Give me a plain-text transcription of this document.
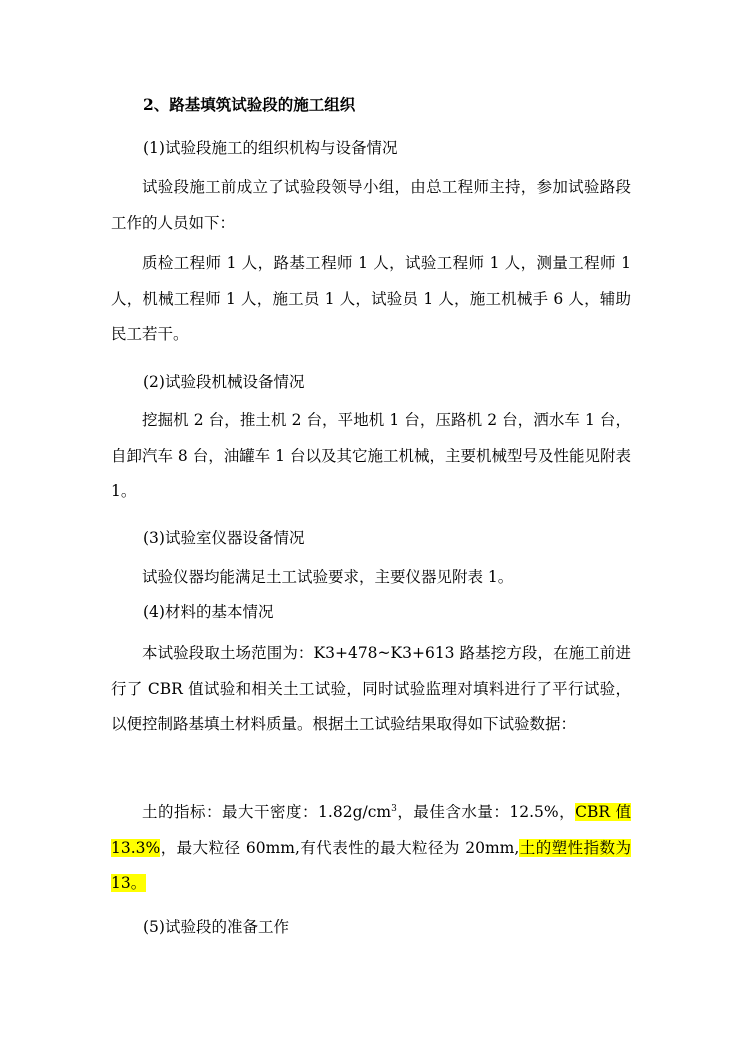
2、路基填筑试验段的施工组织
(1)试验段施工的组织机构与设备情况
试验段施工前成立了试验段领导小组，由总工程师主持，参加试验路段工作的人员如下：
质检工程师 1 人，路基工程师 1 人，试验工程师 1 人，测量工程师 1 人，机械工程师 1 人，施工员 1 人，试验员 1 人，施工机械手 6 人，辅助民工若干。
(2)试验段机械设备情况
挖掘机 2 台，推土机 2 台，平地机 1 台，压路机 2 台，洒水车 1 台，自卸汽车 8 台，油罐车 1 台以及其它施工机械，主要机械型号及性能见附表 1。
(3)试验室仪器设备情况
试验仪器均能满足土工试验要求，主要仪器见附表 1。
(4)材料的基本情况
本试验段取土场范围为：K3+478~K3+613 路基挖方段，在施工前进行了 CBR 值试验和相关土工试验，同时试验监理对填料进行了平行试验，以便控制路基填土材料质量。根据土工试验结果取得如下试验数据：
土的指标：最大干密度：$1.82g/cm^3$，最佳含水量：12.5%，CBR 值 13.3%，最大粒径 60mm,有代表性的最大粒径为 20mm,土的塑性指数为 13。
(5)试验段的准备工作
